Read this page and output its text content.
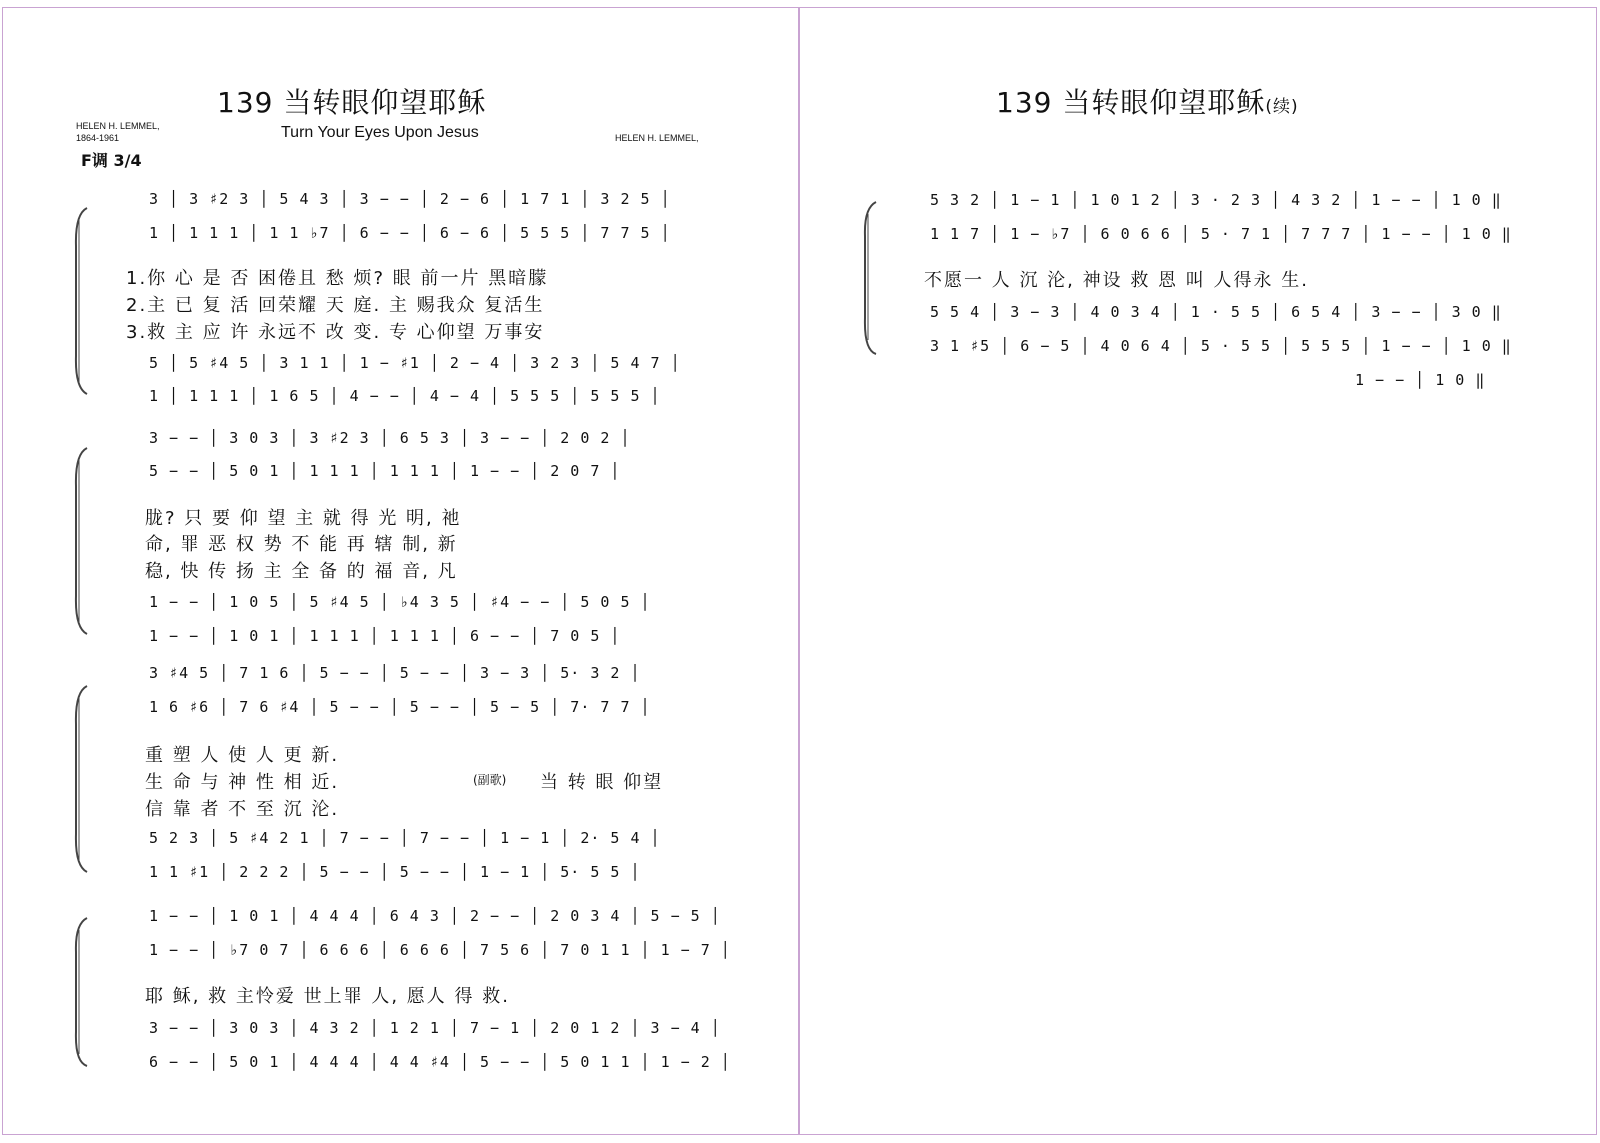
139 当转眼仰望耶稣
HELEN H. LEMMEL,
1864-1961	Turn Your Eyes Upon Jesus	HELEN H. LEMMEL,
F调 3/4
3 │ 3 ♯2 3 │ 5 4 3 │ 3 − − │ 2 − 6 │ 1 7 1 │ 3 2 5 │
1 │ 1 1 1 │ 1 1 ♭7 │ 6 − − │ 6 − 6 │ 5 5 5 │ 7 7 5 │
1.你 心 是 否 困倦且 愁 烦? 眼 前一片 黑暗朦
2.主 已 复 活 回荣耀 天 庭. 主 赐我众 复活生
3.救 主 应 许 永远不 改 变. 专 心仰望 万事安
5 │ 5 ♯4 5 │ 3 1 1 │ 1 − ♯1 │ 2 − 4 │ 3 2 3 │ 5 4 7 │
1 │ 1 1 1 │ 1 6 5 │ 4 − − │ 4 − 4 │ 5 5 5 │ 5 5 5 │
3 − − │ 3 0 3 │ 3 ♯2 3 │ 6 5 3 │ 3 − − │ 2 0 2 │
5 − − │ 5 0 1 │ 1 1 1 │ 1 1 1 │ 1 − − │ 2 0 7 │
胧? 只 要 仰 望 主 就 得 光 明, 祂
命, 罪 恶 权 势 不 能 再 辖 制, 新
稳, 快 传 扬 主 全 备 的 福 音, 凡
1 − − │ 1 0 5 │ 5 ♯4 5 │ ♭4 3 5 │ ♯4 − − │ 5 0 5 │
1 − − │ 1 0 1 │ 1 1 1 │ 1 1 1 │ 6 − − │ 7 0 5 │
3 ♯4 5 │ 7 1 6 │ 5 − − │ 5 − − │ 3 − 3 │ 5· 3 2 │
1 6 ♯6 │ 7 6 ♯4 │ 5 − − │ 5 − − │ 5 − 5 │ 7· 7 7 │
重 塑 人 使 人 更 新.
生 命 与 神 性 相 近.
信 靠 者 不 至 沉 沦.
(副歌) 当 转 眼 仰望
5 2 3 │ 5 ♯4 2 1 │ 7 − − │ 7 − − │ 1 − 1 │ 2· 5 4 │
1 1 ♯1 │ 2 2 2 │ 5 − − │ 5 − − │ 1 − 1 │ 5· 5 5 │
1 − − │ 1 0 1 │ 4 4 4 │ 6 4 3 │ 2 − − │ 2 0 3 4 │ 5 − 5 │
1 − − │ ♭7 0 7 │ 6 6 6 │ 6 6 6 │ 7 5 6 │ 7 0 1 1 │ 1 − 7 │
耶 稣, 救 主怜爱 世上罪 人, 愿人 得 救.
3 − − │ 3 0 3 │ 4 3 2 │ 1 2 1 │ 7 − 1 │ 2 0 1 2 │ 3 − 4 │
6 − − │ 5 0 1 │ 4 4 4 │ 4 4 ♯4 │ 5 − − │ 5 0 1 1 │ 1 − 2 │
139 当转眼仰望耶稣(续)
5 3 2 │ 1 − 1 │ 1 0 1 2 │ 3 · 2 3 │ 4 3 2 │ 1 − − │ 1 0 ‖
1 1 7 │ 1 − ♭7 │ 6 0 6 6 │ 5 · 7 1 │ 7 7 7 │ 1 − − │ 1 0 ‖
不愿一 人 沉 沦, 神设 救 恩 叫 人得永 生.
5 5 4 │ 3 − 3 │ 4 0 3 4 │ 1 · 5 5 │ 6 5 4 │ 3 − − │ 3 0 ‖
3 1 ♯5 │ 6 − 5 │ 4 0 6 4 │ 5 · 5 5 │ 5 5 5 │ 1 − − │ 1 0 ‖
1 − − │ 1 0 ‖
